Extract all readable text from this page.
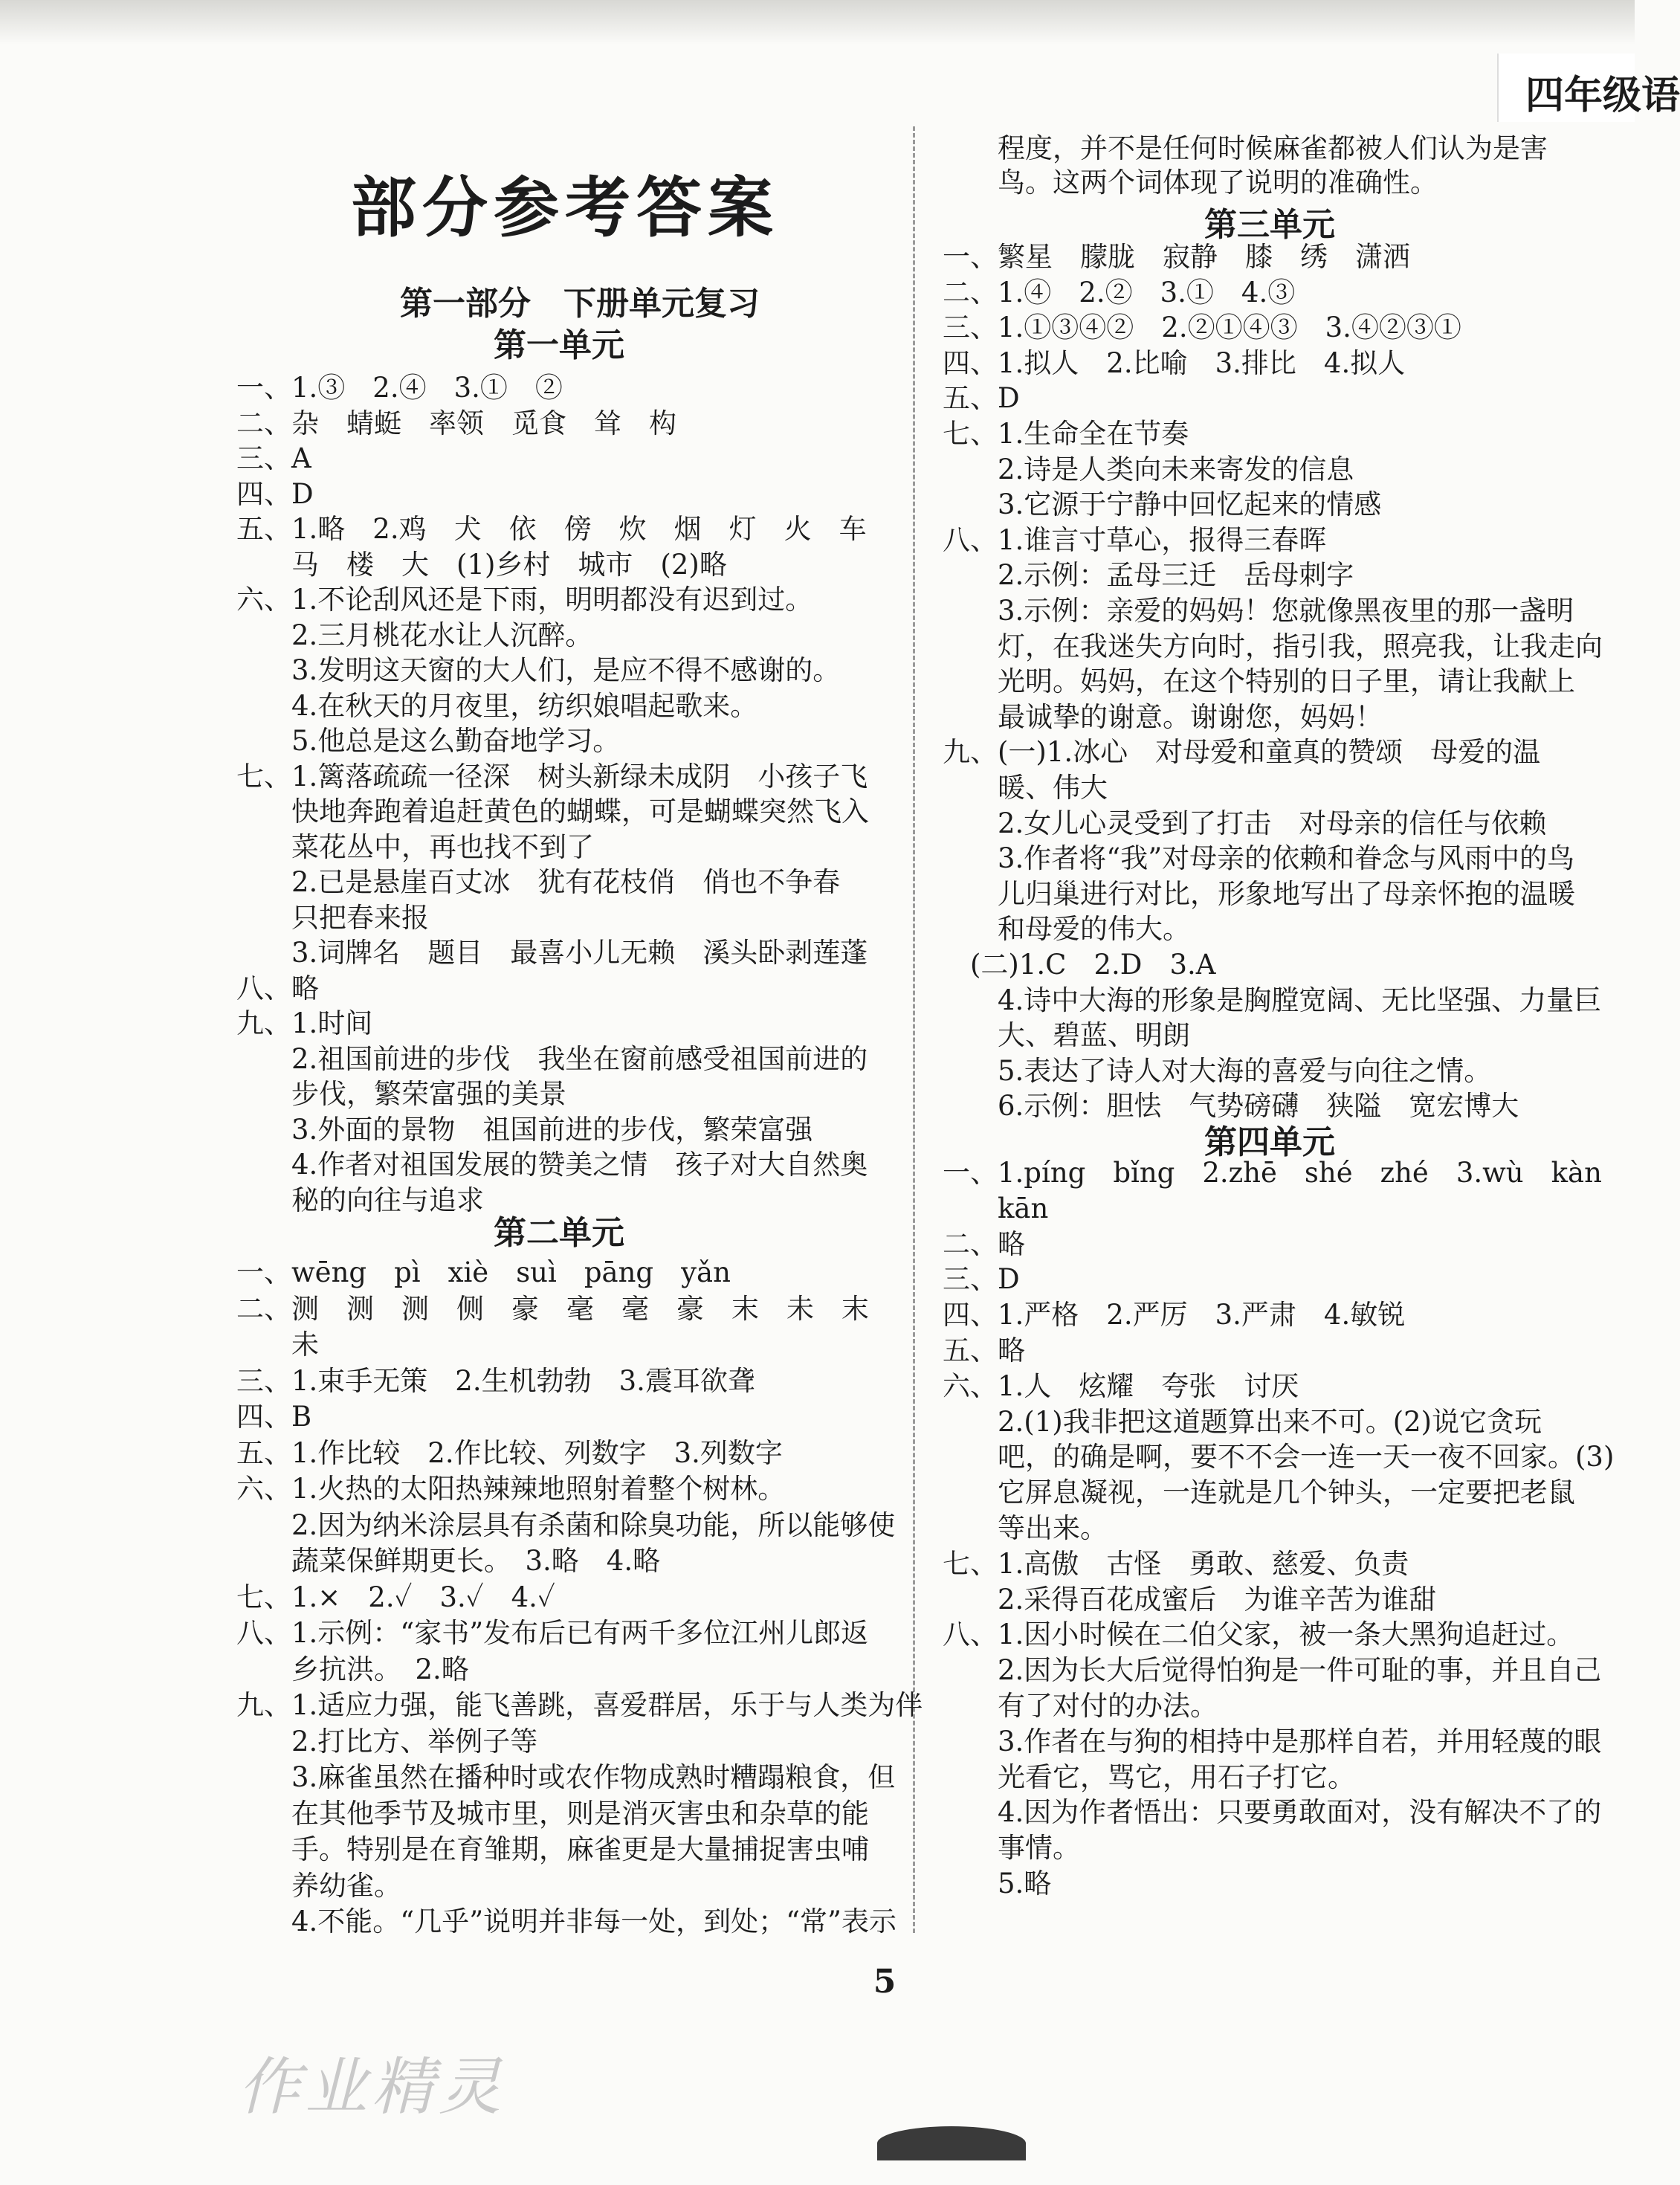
四年级语
部分参考答案
第一部分　下册单元复习
第一单元
一、1.③　2.④　3.①　②
二、杂　蜻蜓　率领　觅食　耸　构
三、A
四、D
五、1.略　2.鸡　犬　依　傍　炊　烟　灯　火　车
　　马　楼　大　(1)乡村　城市　(2)略
六、1.不论刮风还是下雨，明明都没有迟到过。
　　2.三月桃花水让人沉醉。
　　3.发明这天窗的大人们，是应不得不感谢的。
　　4.在秋天的月夜里，纺织娘唱起歌来。
　　5.他总是这么勤奋地学习。
七、1.篱落疏疏一径深　树头新绿未成阴　小孩子飞
　　快地奔跑着追赶黄色的蝴蝶，可是蝴蝶突然飞入
　　菜花丛中，再也找不到了
　　2.已是悬崖百丈冰　犹有花枝俏　俏也不争春
　　只把春来报
　　3.词牌名　题目　最喜小儿无赖　溪头卧剥莲蓬
八、略
九、1.时间
　　2.祖国前进的步伐　我坐在窗前感受祖国前进的
　　步伐，繁荣富强的美景
　　3.外面的景物　祖国前进的步伐，繁荣富强
　　4.作者对祖国发展的赞美之情　孩子对大自然奥
　　秘的向往与追求
第二单元
一、wēng　pì　xiè　suì　pāng　yǎn
二、测　测　测　侧　豪　毫　毫　豪　末　未　末
　　未
三、1.束手无策　2.生机勃勃　3.震耳欲聋
四、B
五、1.作比较　2.作比较、列数字　3.列数字
六、1.火热的太阳热辣辣地照射着整个树林。
　　2.因为纳米涂层具有杀菌和除臭功能，所以能够使
　　蔬菜保鲜期更长。　3.略　4.略
七、1.×　2.✓　3.✓　4.✓
八、1.示例：“家书”发布后已有两千多位江州儿郎返
　　乡抗洪。　2.略
九、1.适应力强，能飞善跳，喜爱群居，乐于与人类为伴
　　2.打比方、举例子等
　　3.麻雀虽然在播种时或农作物成熟时糟蹋粮食，但
　　在其他季节及城市里，则是消灭害虫和杂草的能
　　手。特别是在育雏期，麻雀更是大量捕捉害虫哺
　　养幼雀。
　　4.不能。“几乎”说明并非每一处，到处；“常”表示
　　程度，并不是任何时候麻雀都被人们认为是害
　　鸟。这两个词体现了说明的准确性。
第三单元
一、繁星　朦胧　寂静　膝　绣　潇洒
二、1.④　2.②　3.①　4.③
三、1.①③④②　2.②①④③　3.④②③①
四、1.拟人　2.比喻　3.排比　4.拟人
五、D
七、1.生命全在节奏
　　2.诗是人类向未来寄发的信息
　　3.它源于宁静中回忆起来的情感
八、1.谁言寸草心，报得三春晖
　　2.示例：孟母三迁　岳母刺字
　　3.示例：亲爱的妈妈！您就像黑夜里的那一盏明
　　灯，在我迷失方向时，指引我，照亮我，让我走向
　　光明。妈妈，在这个特别的日子里，请让我献上
　　最诚挚的谢意。谢谢您，妈妈！
九、(一)1.冰心　对母爱和童真的赞颂　母爱的温
　　暖、伟大
　　2.女儿心灵受到了打击　对母亲的信任与依赖
　　3.作者将“我”对母亲的依赖和眷念与风雨中的鸟
　　儿归巢进行对比，形象地写出了母亲怀抱的温暖
　　和母爱的伟大。
　(二)1.C　2.D　3.A
　　4.诗中大海的形象是胸膛宽阔、无比坚强、力量巨
　　大、碧蓝、明朗
　　5.表达了诗人对大海的喜爱与向往之情。
　　6.示例：胆怯　气势磅礴　狭隘　宽宏博大
第四单元
一、1.píng　bǐng　2.zhē　shé　zhé　3.wù　kàn
　　kān
二、略
三、D
四、1.严格　2.严厉　3.严肃　4.敏锐
五、略
六、1.人　炫耀　夸张　讨厌
　　2.(1)我非把这道题算出来不可。(2)说它贪玩
　　吧，的确是啊，要不不会一连一天一夜不回家。(3)
　　它屏息凝视，一连就是几个钟头，一定要把老鼠
　　等出来。
七、1.高傲　古怪　勇敢、慈爱、负责
　　2.采得百花成蜜后　为谁辛苦为谁甜
八、1.因小时候在二伯父家，被一条大黑狗追赶过。
　　2.因为长大后觉得怕狗是一件可耻的事，并且自己
　　有了对付的办法。
　　3.作者在与狗的相持中是那样自若，并用轻蔑的眼
　　光看它，骂它，用石子打它。
　　4.因为作者悟出：只要勇敢面对，没有解决不了的
　　事情。
　　5.略
5
作业精灵
